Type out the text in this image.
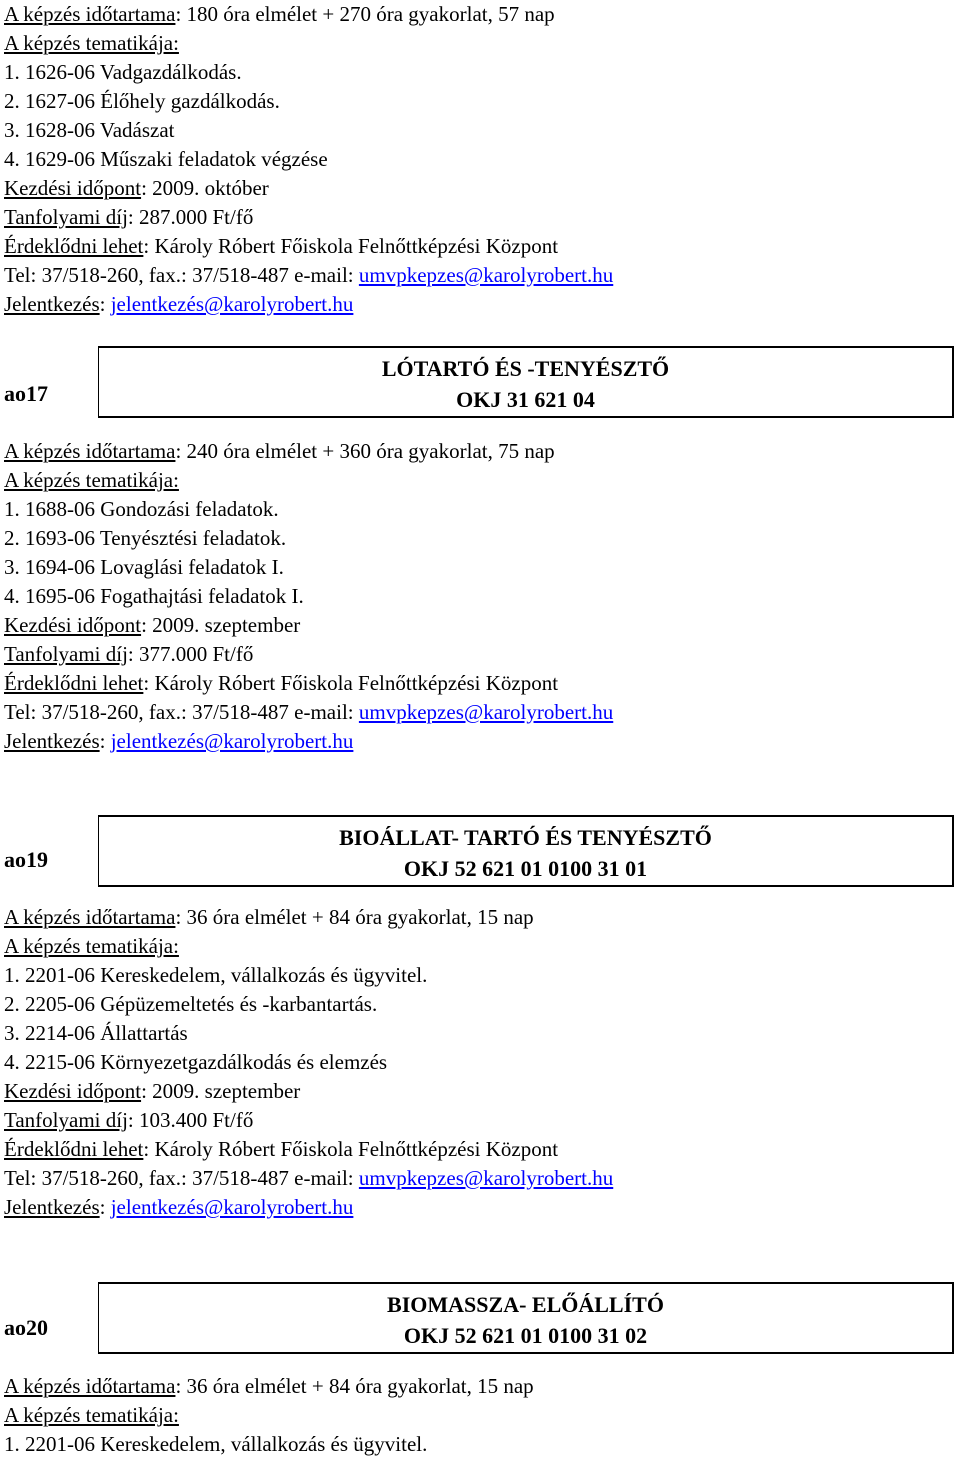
A képzés időtartama: 180 óra elmélet + 270 óra gyakorlat, 57 nap
A képzés tematikája:
1. 1626-06 Vadgazdálkodás.
2. 1627-06 Élőhely gazdálkodás.
3. 1628-06 Vadászat
4. 1629-06 Műszaki feladatok végzése
Kezdési időpont: 2009. október
Tanfolyami díj: 287.000 Ft/fő
Érdeklődni lehet: Károly Róbert Főiskola Felnőttképzési Központ
Tel: 37/518-260, fax.: 37/518-487 e-mail: umvpkepzes@karolyrobert.hu
Jelentkezés: jelentkezés@karolyrobert.hu
ao17
LÓTARTÓ ÉS -TENYÉSZTŐ
OKJ 31 621 04
A képzés időtartama: 240 óra elmélet + 360 óra gyakorlat, 75 nap
A képzés tematikája:
1. 1688-06 Gondozási feladatok.
2. 1693-06 Tenyésztési feladatok.
3. 1694-06 Lovaglási feladatok I.
4. 1695-06 Fogathajtási feladatok I.
Kezdési időpont: 2009. szeptember
Tanfolyami díj: 377.000 Ft/fő
Érdeklődni lehet: Károly Róbert Főiskola Felnőttképzési Központ
Tel: 37/518-260, fax.: 37/518-487 e-mail: umvpkepzes@karolyrobert.hu
Jelentkezés: jelentkezés@karolyrobert.hu
ao19
BIOÁLLAT- TARTÓ ÉS TENYÉSZTŐ
OKJ 52 621 01 0100 31 01
A képzés időtartama: 36 óra elmélet + 84 óra gyakorlat, 15 nap
A képzés tematikája:
1. 2201-06 Kereskedelem, vállalkozás és ügyvitel.
2. 2205-06 Gépüzemeltetés és -karbantartás.
3. 2214-06 Állattartás
4. 2215-06 Környezetgazdálkodás és elemzés
Kezdési időpont: 2009. szeptember
Tanfolyami díj: 103.400 Ft/fő
Érdeklődni lehet: Károly Róbert Főiskola Felnőttképzési Központ
Tel: 37/518-260, fax.: 37/518-487 e-mail: umvpkepzes@karolyrobert.hu
Jelentkezés: jelentkezés@karolyrobert.hu
ao20
BIOMASSZA- ELŐÁLLÍTÓ
OKJ 52 621 01 0100 31 02
A képzés időtartama: 36 óra elmélet + 84 óra gyakorlat, 15 nap
A képzés tematikája:
1. 2201-06 Kereskedelem, vállalkozás és ügyvitel.
